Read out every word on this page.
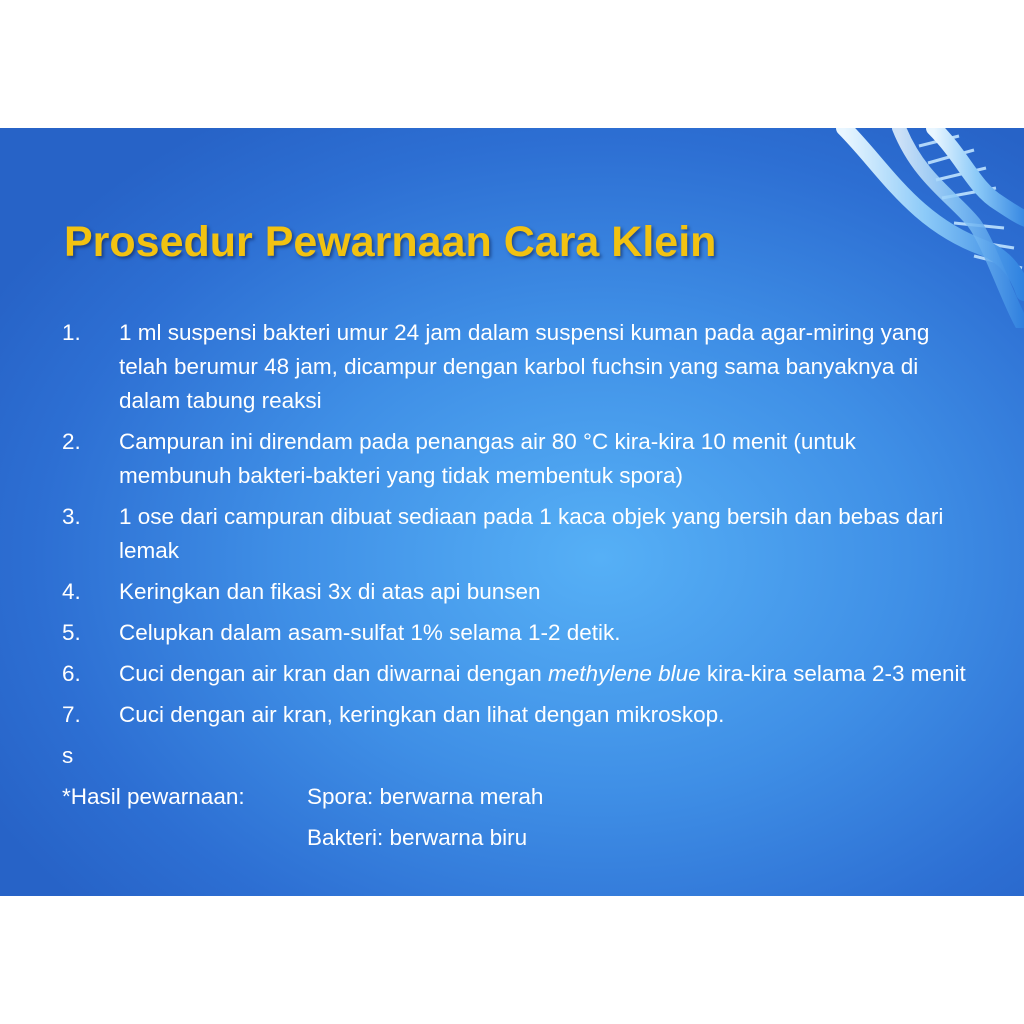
Prosedur Pewarnaan Cara Klein
1.	1 ml suspensi bakteri umur 24 jam dalam suspensi kuman pada agar-miring yang telah berumur 48 jam, dicampur dengan karbol fuchsin yang sama banyaknya di dalam tabung reaksi
2.	Campuran ini direndam pada penangas air 80 °C kira-kira 10 menit (untuk membunuh bakteri-bakteri yang tidak membentuk spora)
3.	1 ose dari campuran dibuat sediaan pada 1 kaca objek yang bersih dan bebas dari lemak
4.	Keringkan dan fikasi 3x di atas api bunsen
5.	Celupkan dalam asam-sulfat 1% selama 1-2 detik.
6.	Cuci dengan air kran dan diwarnai dengan methylene blue kira-kira selama 2-3 menit
7.	Cuci dengan air kran, keringkan dan lihat dengan mikroskop.
s
*Hasil pewarnaan:	Spora: berwarna merah
Bakteri: berwarna biru
